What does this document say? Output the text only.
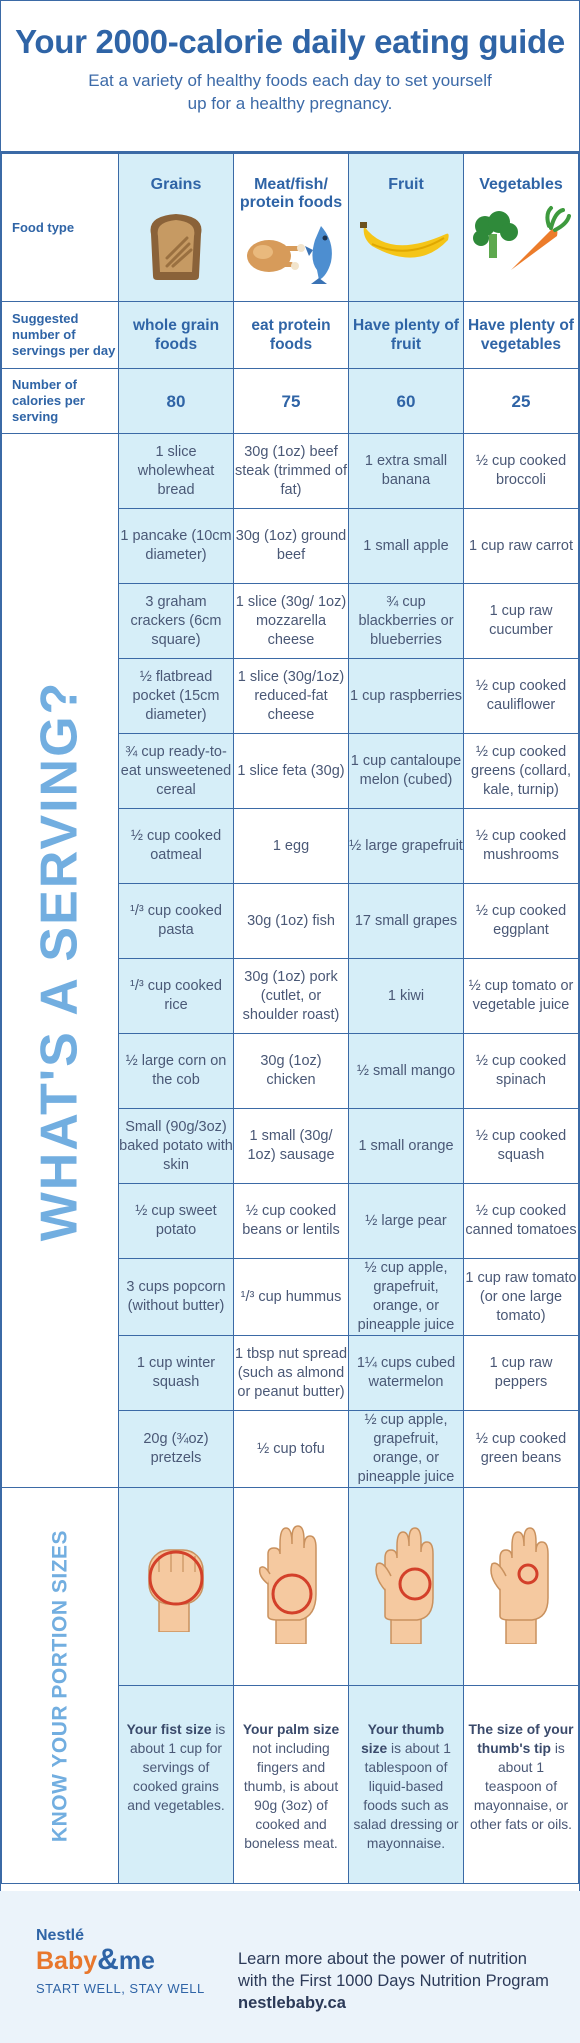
Your 2000-calorie daily eating guide
Eat a variety of healthy foods each day to set yourself up for a healthy pregnancy.
Food type	Grains	Meat/fish/ protein foods	Fruit	Vegetables

Suggested number of servings per day	whole grain foods	eat protein foods	Have plenty of fruit	Have plenty of vegetables
Number of calories per serving	80	75	60	25

WHAT'S A SERVING?	1 slice wholewheat bread	30g (1oz) beef steak (trimmed of fat)	1 extra small banana	½ cup cooked broccoli
	1 pancake (10cm diameter)	30g (1oz) ground beef	1 small apple	1 cup raw carrot
	3 graham crackers (6cm square)	1 slice (30g/ 1oz) mozzarella cheese	¾ cup blackberries or blueberries	1 cup raw cucumber
	½ flatbread pocket (15cm diameter)	1 slice (30g/1oz) reduced-fat cheese	1 cup raspberries	½ cup cooked cauliflower
	¾ cup ready-to-eat unsweetened cereal	1 slice feta (30g)	1 cup cantaloupe melon (cubed)	½ cup cooked greens (collard, kale, turnip)
	½ cup cooked oatmeal	1 egg	½ large grapefruit	½ cup cooked mushrooms
	¹/³ cup cooked pasta	30g (1oz) fish	17 small grapes	½ cup cooked eggplant
	¹/³ cup cooked rice	30g (1oz) pork (cutlet, or shoulder roast)	1 kiwi	½ cup tomato or vegetable juice
	½ large corn on the cob	30g (1oz) chicken	½ small mango	½ cup cooked spinach
	Small (90g/3oz) baked potato with skin	1 small (30g/ 1oz) sausage	1 small orange	½ cup cooked squash
	½ cup sweet potato	½ cup cooked beans or lentils	½ large pear	½ cup cooked canned tomatoes
	3 cups popcorn (without butter)	¹/³ cup hummus	½ cup apple, grapefruit, orange, or pineapple juice	1 cup raw tomato (or one large tomato)
	1 cup winter squash	1 tbsp nut spread (such as almond or peanut butter)	1¼ cups cubed watermelon	1 cup raw peppers
	20g (¾oz) pretzels	½ cup tofu	½ cup apple, grapefruit, orange, or pineapple juice	½ cup cooked green beans

KNOW YOUR PORTION SIZES

	Your fist size is about 1 cup for servings of cooked grains and vegetables.	Your palm size not including fingers and thumb, is about 90g (3oz) of cooked and boneless meat.	Your thumb size is about 1 tablespoon of liquid-based foods such as salad dressing or mayonnaise.	The size of your thumb's tip is about 1 teaspoon of mayonnaise, or other fats or oils.
Nestlé
Baby&me
START WELL, STAY WELL
Learn more about the power of nutrition
with the First 1000 Days Nutrition Program
nestlebaby.ca
